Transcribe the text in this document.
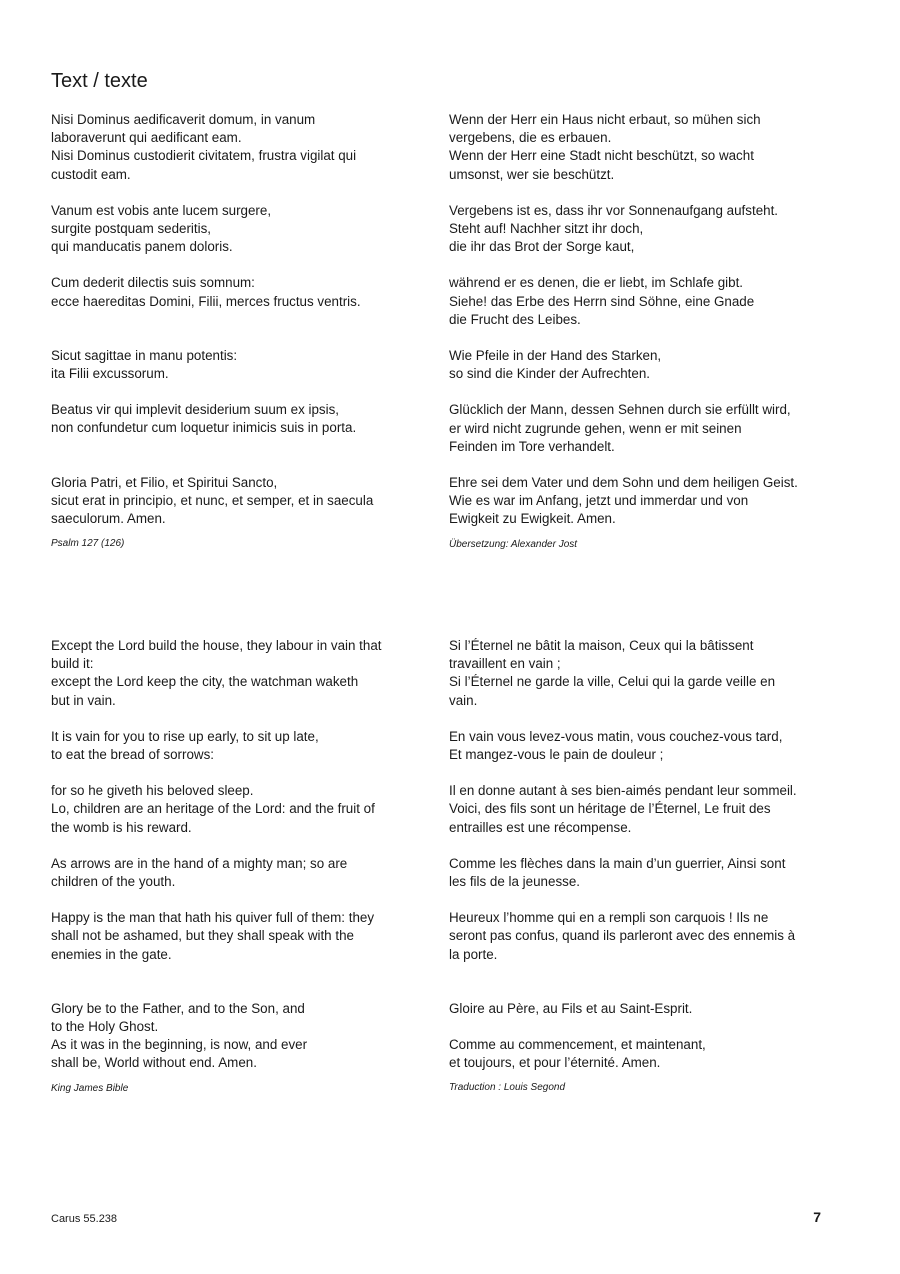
Text / texte

Nisi Dominus aedificaverit domum, in vanum
laboraverunt qui aedificant eam.
Nisi Dominus custodierit civitatem, frustra vigilat qui
custodit eam.

Vanum est vobis ante lucem surgere,
surgite postquam sederitis,
qui manducatis panem doloris.

Cum dederit dilectis suis somnum:
ecce haereditas Domini, Filii, merces fructus ventris.

Sicut sagittae in manu potentis:
ita Filii excussorum.

Beatus vir qui implevit desiderium suum ex ipsis,
non confundetur cum loquetur inimicis suis in porta.

Gloria Patri, et Filio, et Spiritui Sancto,
sicut erat in principio, et nunc, et semper, et in saecula
saeculorum. Amen.

Psalm 127 (126)

Wenn der Herr ein Haus nicht erbaut, so mühen sich
vergebens, die es erbauen.
Wenn der Herr eine Stadt nicht beschützt, so wacht
umsonst, wer sie beschützt.

Vergebens ist es, dass ihr vor Sonnenaufgang aufsteht.
Steht auf! Nachher sitzt ihr doch,
die ihr das Brot der Sorge kaut,

während er es denen, die er liebt, im Schlafe gibt.
Siehe! das Erbe des Herrn sind Söhne, eine Gnade
die Frucht des Leibes.

Wie Pfeile in der Hand des Starken,
so sind die Kinder der Aufrechten.

Glücklich der Mann, dessen Sehnen durch sie erfüllt wird,
er wird nicht zugrunde gehen, wenn er mit seinen
Feinden im Tore verhandelt.

Ehre sei dem Vater und dem Sohn und dem heiligen Geist.
Wie es war im Anfang, jetzt und immerdar und von
Ewigkeit zu Ewigkeit. Amen.

Übersetzung: Alexander Jost

Except the Lord build the house, they labour in vain that
build it:
except the Lord keep the city, the watchman waketh
but in vain.

It is vain for you to rise up early, to sit up late,
to eat the bread of sorrows:

for so he giveth his beloved sleep.
Lo, children are an heritage of the Lord: and the fruit of
the womb is his reward.

As arrows are in the hand of a mighty man; so are
children of the youth.

Happy is the man that hath his quiver full of them: they
shall not be ashamed, but they shall speak with the
enemies in the gate.

Glory be to the Father, and to the Son, and
to the Holy Ghost.
As it was in the beginning, is now, and ever
shall be, World without end. Amen.

King James Bible

Si l’Éternel ne bâtit la maison, Ceux qui la bâtissent
travaillent en vain ;
Si l’Éternel ne garde la ville, Celui qui la garde veille en
vain.

En vain vous levez-vous matin, vous couchez-vous tard,
Et mangez-vous le pain de douleur ;

Il en donne autant à ses bien-aimés pendant leur sommeil.
Voici, des fils sont un héritage de l’Éternel, Le fruit des
entrailles est une récompense.

Comme les flèches dans la main d’un guerrier, Ainsi sont
les fils de la jeunesse.

Heureux l’homme qui en a rempli son carquois ! Ils ne
seront pas confus, quand ils parleront avec des ennemis à
la porte.

Gloire au Père, au Fils et au Saint-Esprit.

Comme au commencement, et maintenant,
et toujours, et pour l’éternité. Amen.

Traduction : Louis Segond
Carus 55.238	7
